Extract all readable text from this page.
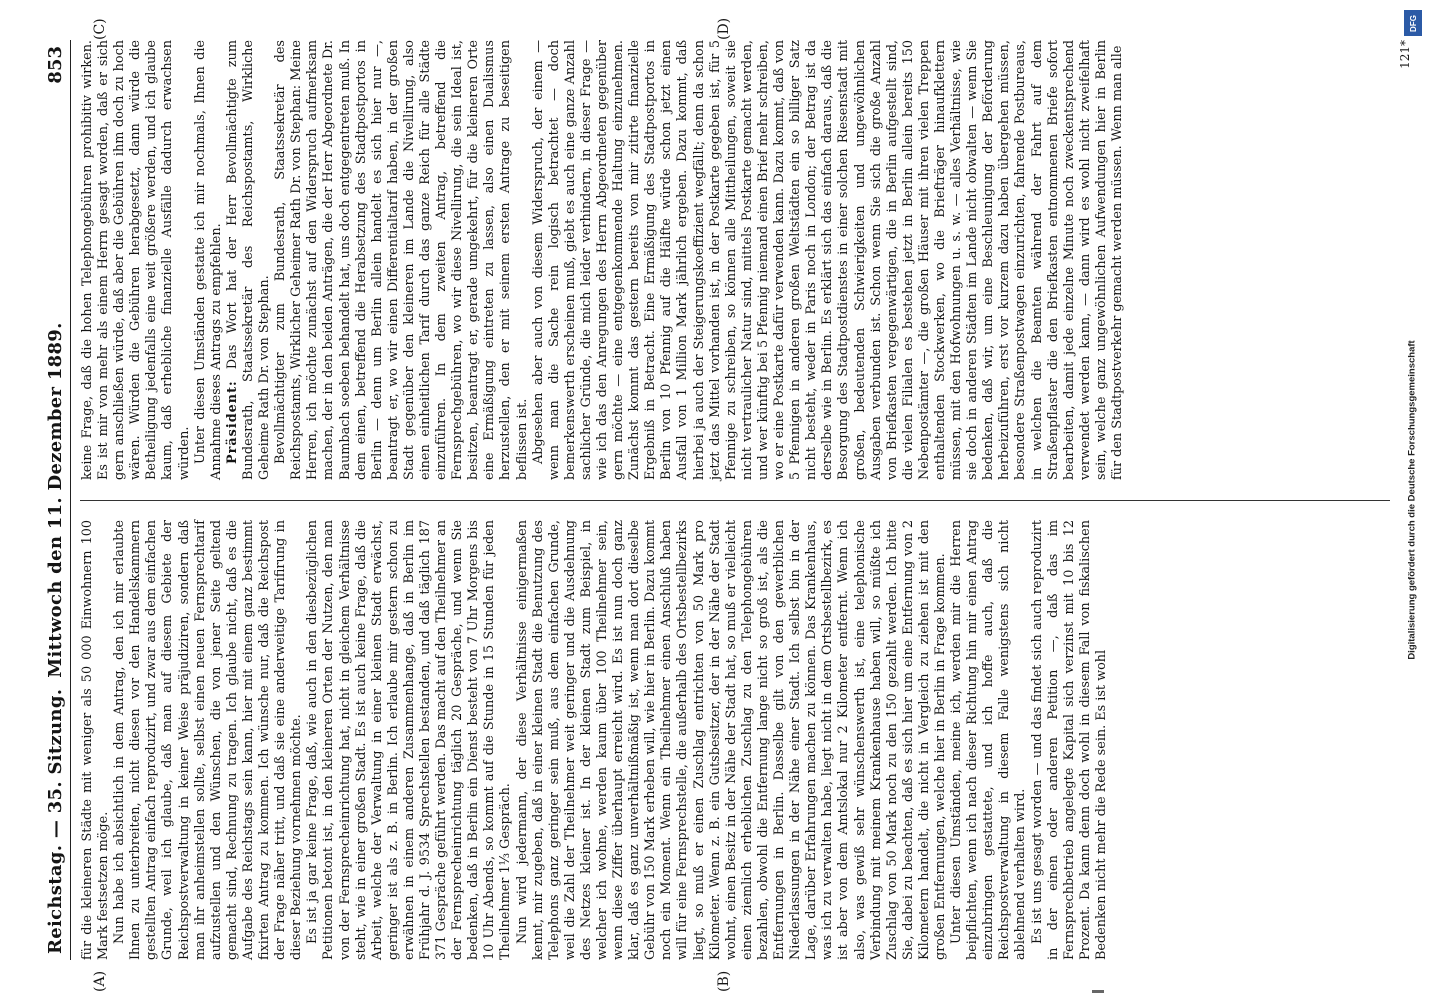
Reichstag. — 35. Sitzung.
Mittwoch den 11. Dezember 1889.
853
(A)	(B)
(C)	(D)

für die kleineren Städte mit weniger als 50 000 Einwohnern 100 Mark festsetzen möge. Nun habe ich absichtlich in dem Antrag, den ich mir erlaubte Ihnen zu unterbreiten, nicht diesen vor den Handelskammern gestellten Antrag einfach reproduzirt, und zwar aus dem einfachen Grunde, weil ich glaube, daß man auf diesem Gebiete der Reichspostverwaltung in keiner Weise präjudiziren, sondern daß man ihr anheimstellen sollte, selbst einen neuen Fernsprechtarif aufzustellen und den Wünschen, die von jener Seite geltend gemacht sind, Rechnung zu tragen. Ich glaube nicht, daß es die Aufgabe des Reichstags sein kann, hier mit einem ganz bestimmt fixirten Antrag zu kommen. Ich wünsche nur, daß die Reichspost der Frage näher tritt, und daß sie eine anderweitige Tarifirung in dieser Beziehung vornehmen möchte. Es ist ja gar keine Frage, daß, wie auch in den diesbezüglichen Petitionen betont ist, in den kleineren Orten der Nutzen, den man von der Fernsprecheinrichtung hat, nicht in gleichem Verhältnisse steht, wie in einer großen Stadt. Es ist auch keine Frage, daß die Arbeit, welche der Verwaltung in einer kleinen Stadt erwächst, geringer ist als z. B. in Berlin. Ich erlaube mir gestern schon zu erwähnen in einem anderen Zusammenhange, daß in Berlin im Frühjahr d. J. 9534 Sprechstellen bestanden, und daß täglich 187 371 Gespräche geführt werden. Das macht auf den Theilnehmer an der Fernsprecheinrichtung täglich 20 Gespräche, und wenn Sie bedenken, daß in Berlin ein Dienst besteht von 7 Uhr Morgens bis 10 Uhr Abends, so kommt auf die Stunde in 15 Stunden für jeden Theilnehmer 1⅓ Gespräch. Nun wird jedermann, der diese Verhältnisse einigermaßen kennt, mir zugeben, daß in einer kleinen Stadt die Benutzung des Telephons ganz geringer sein muß, aus dem einfachen Grunde, weil die Zahl der Theilnehmer weit geringer und die Ausdehnung des Netzes kleiner ist. In der kleinen Stadt zum Beispiel, in welcher ich wohne, werden kaum über 100 Theilnehmer sein, wenn diese Ziffer überhaupt erreicht wird. Es ist nun doch ganz klar, daß es ganz unverhältnißmäßig ist, wenn man dort dieselbe Gebühr von 150 Mark erheben will, wie hier in Berlin. Dazu kommt noch ein Moment. Wenn ein Theilnehmer einen Anschluß haben will für eine Fernsprechstelle, die außerhalb des Ortsbestellbezirks liegt, so muß er einen Zuschlag entrichten von 50 Mark pro Kilometer. Wenn z. B. ein Gutsbesitzer, der in der Nähe der Stadt wohnt, einen Besitz in der Nähe der Stadt hat, so muß er vielleicht einen ziemlich erheblichen Zuschlag zu den Telephongebühren bezahlen, obwohl die Entfernung lange nicht so groß ist, als die Entfernungen in Berlin. Dasselbe gilt von den gewerblichen Niederlassungen in der Nähe einer Stadt. Ich selbst bin in der Lage, darüber Erfahrungen machen zu können. Das Krankenhaus, was ich zu verwalten habe, liegt nicht in dem Ortsbestellbezirk, es ist aber von dem Amtslokal nur 2 Kilometer entfernt. Wenn ich also, was gewiß sehr wünschenswerth ist, eine telephonische Verbindung mit meinem Krankenhause haben will, so müßte ich Zuschlag von 50 Mark noch zu den 150 gezahlt werden. Ich bitte Sie, dabei zu beachten, daß es sich hier um eine Entfernung von 2 Kilometern handelt, die nicht in Vergleich zu ziehen ist mit den großen Entfernungen, welche hier in Berlin in Frage kommen. Unter diesen Umständen, meine ich, werden mir die Herren beipflichten, wenn ich nach dieser Richtung hin mir einen Antrag einzubringen gestattete, und ich hoffe auch, daß die Reichspostverwaltung in diesem Falle wenigstens sich nicht ablehnend verhalten wird. Es ist uns gesagt worden — und das findet sich auch reproduzirt in der einen oder anderen Petition —, daß das im Fernsprechbetrieb angelegte Kapital sich verzinst mit 10 bis 12 Prozent. Da kann denn doch wohl in diesem Fall von fiskalischen Bedenken nicht mehr die Rede sein. Es ist wohl

keine Frage, daß die hohen Telephongebühren prohibitiv wirken. Es ist mir von mehr als einem Herrn gesagt worden, daß er sich gern anschließen würde, daß aber die Gebühren ihm doch zu hoch wären. Würden die Gebühren herabgesetzt, dann würde die Betheiligung jedenfalls eine weit größere werden, und ich glaube kaum, daß erhebliche finanzielle Ausfälle dadurch erwachsen würden. Unter diesen Umständen gestatte ich mir nochmals, Ihnen die Annahme dieses Antrags zu empfehlen. Präsident: Das Wort hat der Herr Bevollmächtigte zum Bundesrath, Staatssekretär des Reichspostamts, Wirkliche Geheime Rath Dr. von Stephan. Bevollmächtigter zum Bundesrath, Staatssekretär des Reichspostamts, Wirklicher Geheimer Rath Dr. von Stephan: Meine Herren, ich möchte zunächst auf den Widerspruch aufmerksam machen, der in den beiden Anträgen, die der Herr Abgeordnete Dr. Baumbach soeben behandelt hat, uns doch entgegentreten muß. In dem einen, betreffend die Herabsetzung des Stadtpostportos in Berlin — denn um Berlin allein handelt es sich hier nur —, beantragt er, wo wir einen Differentialtarif haben, in der großen Stadt gegenüber den kleineren im Lande die Nivellirung, also einen einheitlichen Tarif durch das ganze Reich für alle Städte einzuführen. In dem zweiten Antrag, betreffend die Fernsprechgebühren, wo wir diese Nivellirung, die sein Ideal ist, besitzen, beantragt er, gerade umgekehrt, für die kleineren Orte eine Ermäßigung eintreten zu lassen, also einen Dualismus herzustellen, den er mit seinem ersten Antrage zu beseitigen beflissen ist. Abgesehen aber auch von diesem Widerspruch, der einem — wenn man die Sache rein logisch betrachtet — doch bemerkenswerth erscheinen muß, giebt es auch eine ganze Anzahl sachlicher Gründe, die mich leider verhindern, in dieser Frage — wie ich das den Anregungen des Herrn Abgeordneten gegenüber gern möchte — eine entgegenkommende Haltung einzunehmen. Zunächst kommt das gestern bereits von mir zitirte finanzielle Ergebniß in Betracht. Eine Ermäßigung des Stadtpostportos in Berlin von 10 Pfennig auf die Hälfte würde schon jetzt einen Ausfall von 1 Million Mark jährlich ergeben. Dazu kommt, daß hierbei ja auch der Steigerungskoeffizient wegfällt; denn da schon jetzt das Mittel vorhanden ist, in der Postkarte gegeben ist, für 5 Pfennige zu schreiben, so können alle Mittheilungen, soweit sie nicht vertraulicher Natur sind, mittels Postkarte gemacht werden, und wer künftig bei 5 Pfennig niemand einen Brief mehr schreiben, wo er eine Postkarte dafür verwenden kann. Dazu kommt, daß von 5 Pfennigen in anderen großen Weltstädten ein so billiger Satz nicht besteht, weder in Paris noch in London; der Betrag ist da derselbe wie in Berlin. Es erklärt sich das einfach daraus, daß die Besorgung des Stadtpostdienstes in einer solchen Riesenstadt mit großen, bedeutenden Schwierigkeiten und ungewöhnlichen Ausgaben verbunden ist. Schon wenn Sie sich die große Anzahl von Briefkasten vergegenwärtigen, die in Berlin aufgestellt sind, die vielen Filialen es bestehen jetzt in Berlin allein bereits 150 Nebenpostämter —, die großen Häuser mit ihren vielen Treppen enthaltenden Stockwerken, wo die Briefträger hinaufklettern müssen, mit den Hofwohnungen u. s. w. — alles Verhältnisse, wie sie doch in anderen Städten im Lande nicht obwalten — wenn Sie bedenken, daß wir, um eine Beschleunigung der Beförderung herbeizuführen, erst vor kurzem dazu haben übergehen müssen, besondere Straßenpostwagen einzurichten, fahrende Postbureaus, in welchen die Beamten während der Fahrt auf dem Straßenpflaster die den Briefkasten entnommenen Briefe sofort bearbeiten, damit jede einzelne Minute noch zweckentsprechend verwendet werden kann, — dann wird es wohl nicht zweifelhaft sein, welche ganz ungewöhnlichen Aufwendungen hier in Berlin für den Stadtpostverkehr gemacht werden müssen. Wenn man alle	121*
DFG
Digitalisierung gefördert durch die Deutsche Forschungsgemeinschaft
